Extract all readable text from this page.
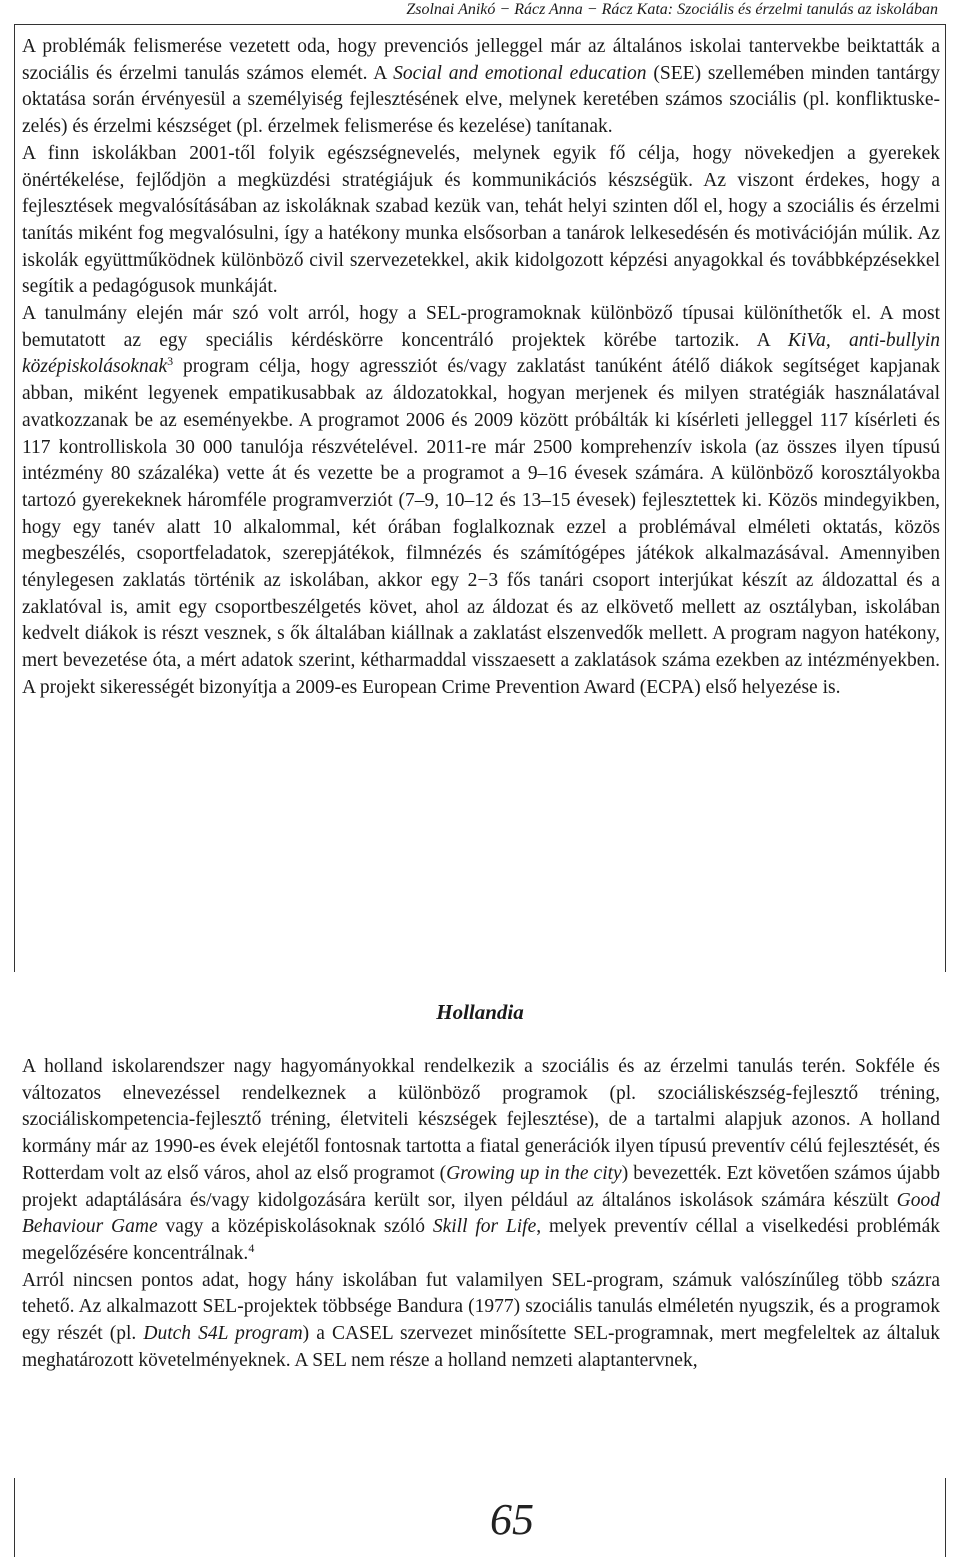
Zsolnai Anikó − Rácz Anna − Rácz Kata: Szociális és érzelmi tanulás az iskolában

A problémák felismerése vezetett oda, hogy prevenciós jelleggel már az általános iskolai tantervekbe beiktatták a szociális és érzelmi tanulás számos elemét. A Social and emotional education (SEE) szellemében minden tantárgy oktatása során érvényesül a személyiség fejlesztésének elve, melynek keretében számos szociális (pl. konfliktuskezelés) és érzelmi készséget (pl. érzelmek felismerése és kezelése) tanítanak.

A finn iskolákban 2001-től folyik egészségnevelés, melynek egyik fő célja, hogy növekedjen a gyerekek önértékelése, fejlődjön a megküzdési stratégiájuk és kommunikációs készségük. Az viszont érdekes, hogy a fejlesztések megvalósításában az iskoláknak szabad kezük van, tehát helyi szinten dől el, hogy a szociális és érzelmi tanítás miként fog megvalósulni, így a hatékony munka elsősorban a tanárok lelkesedésén és motivációján múlik. Az iskolák együttműködnek különböző civil szervezetekkel, akik kidolgozott képzési anyagokkal és továbbképzésekkel segítik a pedagógusok munkáját.

A tanulmány elején már szó volt arról, hogy a SEL-programoknak különböző típusai különíthetők el. A most bemutatott az egy speciális kérdéskörre koncentráló projektek körébe tartozik. A KiVa, anti-bullyin középiskolásoknak$^3$ program célja, hogy agressziót és/vagy zaklatást tanúként átélő diákok segítséget kapjanak abban, miként legyenek empatikusabbak az áldozatokkal, hogyan merjenek és milyen stratégiák használatával avatkozzanak be az eseményekbe. A programot 2006 és 2009 között próbálták ki kísérleti jelleggel 117 kísérleti és 117 kontrolliskola 30 000 tanulója részvételével. 2011-re már 2500 komprehenzív iskola (az összes ilyen típusú intézmény 80 százaléka) vette át és vezette be a programot a 9–16 évesek számára. A különböző korosztályokba tartozó gyerekeknek háromféle programverziót (7–9, 10–12 és 13–15 évesek) fejlesztettek ki. Közös mindegyikben, hogy egy tanév alatt 10 alkalommal, két órában foglalkoznak ezzel a problémával elméleti oktatás, közös megbeszélés, csoportfeladatok, szerepjátékok, filmnézés és számítógépes játékok alkalmazásával. Amennyiben ténylegesen zaklatás történik az iskolában, akkor egy 2−3 fős tanári csoport interjúkat készít az áldozattal és a zaklatóval is, amit egy csoportbeszélgetés követ, ahol az áldozat és az elkövető mellett az osztályban, iskolában kedvelt diákok is részt vesznek, s ők általában kiállnak a zaklatást elszenvedők mellett. A program nagyon hatékony, mert bevezetése óta, a mért adatok szerint, kétharmaddal visszaesett a zaklatások száma ezekben az intézményekben. A projekt sikerességét bizonyítja a 2009-es European Crime Prevention Award (ECPA) első helyezése is.

Hollandia

A holland iskolarendszer nagy hagyományokkal rendelkezik a szociális és az érzelmi tanulás terén. Sokféle és változatos elnevezéssel rendelkeznek a különböző programok (pl. szociáliskészség-fejlesztő tréning, szociáliskompetencia-fejlesztő tréning, életviteli készségek fejlesztése), de a tartalmi alapjuk azonos. A holland kormány már az 1990-es évek elejétől fontosnak tartotta a fiatal generációk ilyen típusú preventív célú fejlesztését, és Rotterdam volt az első város, ahol az első programot (Growing up in the city) bevezették. Ezt követően számos újabb projekt adaptálására és/vagy kidolgozására került sor, ilyen például az általános iskolások számára készült Good Behaviour Game vagy a középiskolásoknak szóló Skill for Life, melyek preventív céllal a viselkedési problémák megelőzésére koncentrálnak.$^4$

Arról nincsen pontos adat, hogy hány iskolában fut valamilyen SEL-program, számuk valószínűleg több százra tehető. Az alkalmazott SEL-projektek többsége Bandura (1977) szociális tanulás elméletén nyugszik, és a programok egy részét (pl. Dutch S4L program) a CASEL szervezet minősítette SEL-programnak, mert megfeleltek az általuk meghatározott követelményeknek. A SEL nem része a holland nemzeti alaptantervnek,

65
